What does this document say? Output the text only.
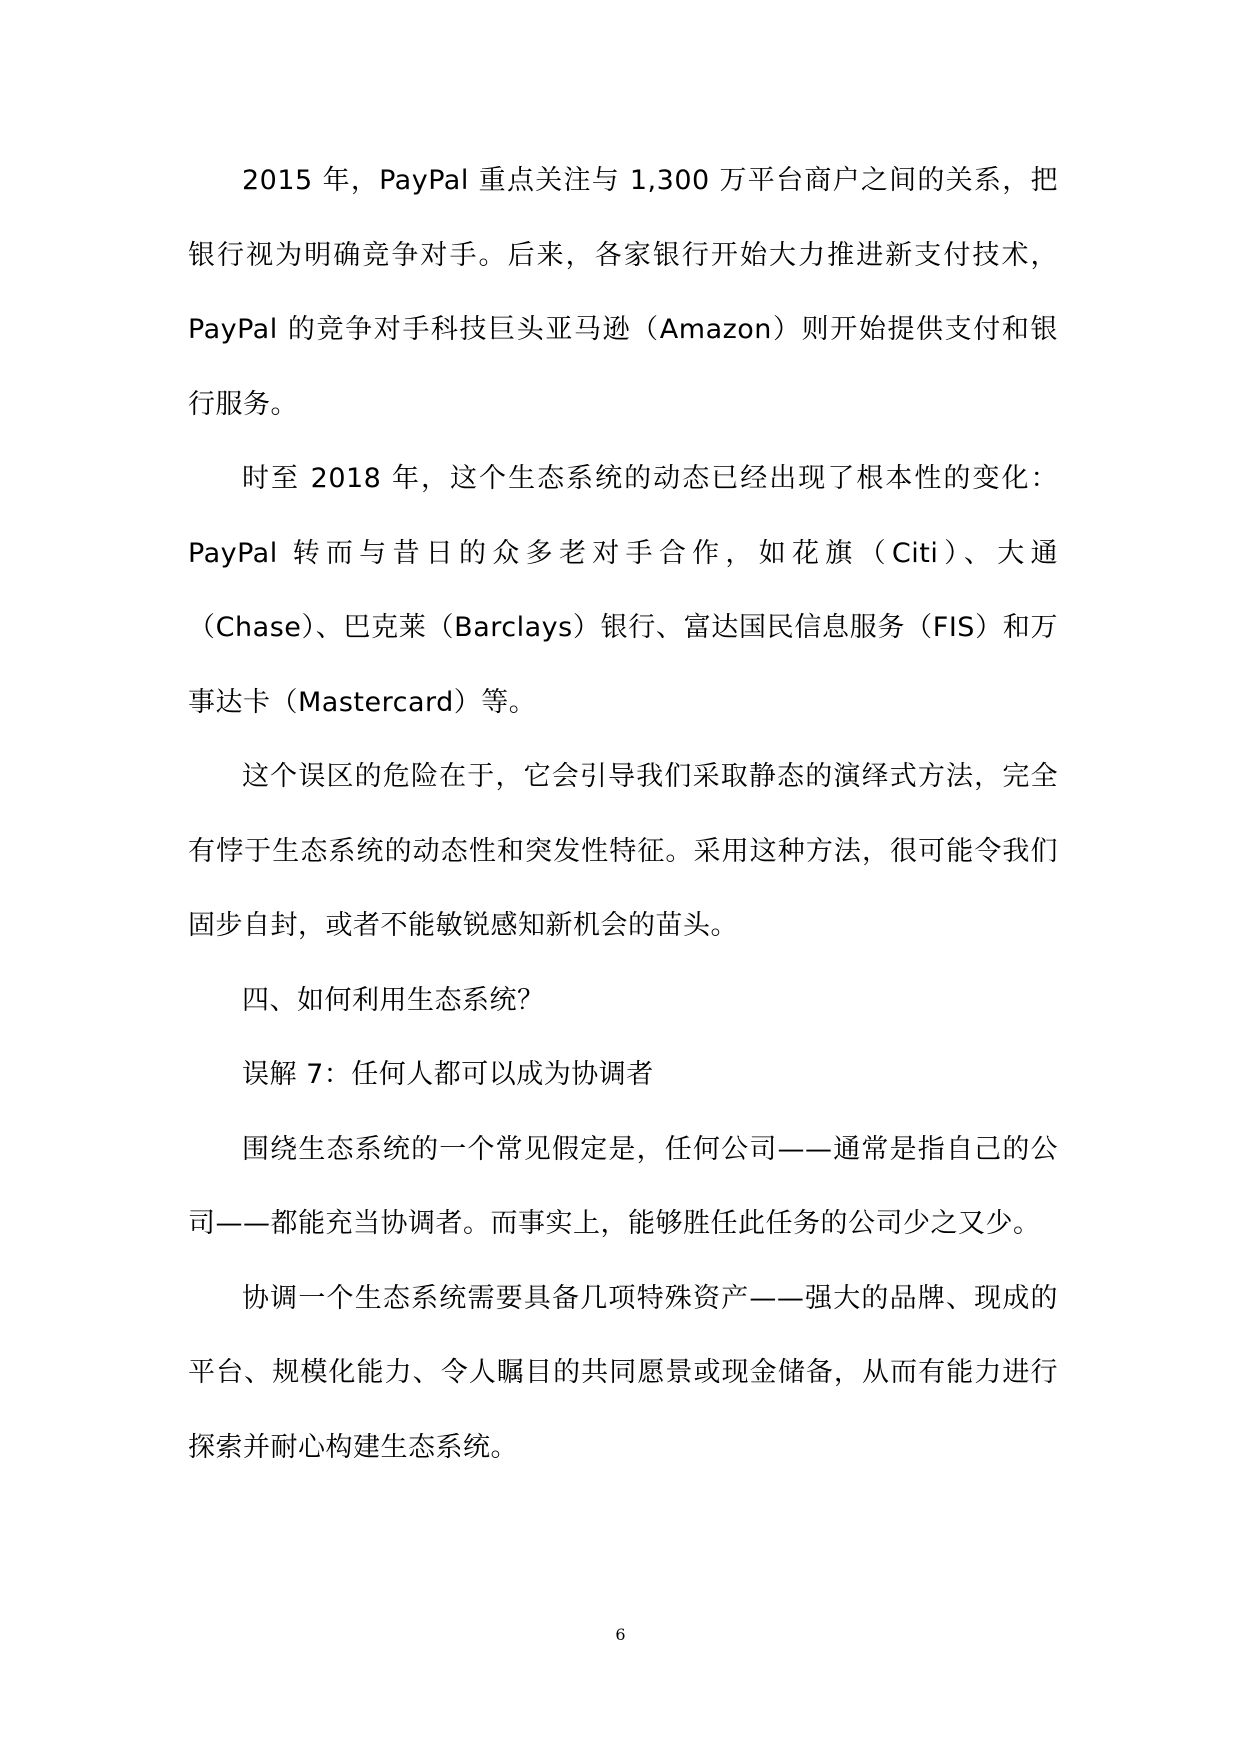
2015 年，PayPal 重点关注与 1,300 万平台商户之间的关系，把银行视为明确竞争对手。后来，各家银行开始大力推进新支付技术，PayPal 的竞争对手科技巨头亚马逊（Amazon）则开始提供支付和银行服务。

时至 2018 年，这个生态系统的动态已经出现了根本性的变化：PayPal 转而与昔日的众多老对手合作，如花旗（Citi）、大通（Chase）、巴克莱（Barclays）银行、富达国民信息服务（FIS）和万事达卡（Mastercard）等。

这个误区的危险在于，它会引导我们采取静态的演绎式方法，完全有悖于生态系统的动态性和突发性特征。采用这种方法，很可能令我们固步自封，或者不能敏锐感知新机会的苗头。

四、如何利用生态系统？

误解 7：任何人都可以成为协调者

围绕生态系统的一个常见假定是，任何公司——通常是指自己的公司——都能充当协调者。而事实上，能够胜任此任务的公司少之又少。

协调一个生态系统需要具备几项特殊资产——强大的品牌、现成的平台、规模化能力、令人瞩目的共同愿景或现金储备，从而有能力进行探索并耐心构建生态系统。

6
